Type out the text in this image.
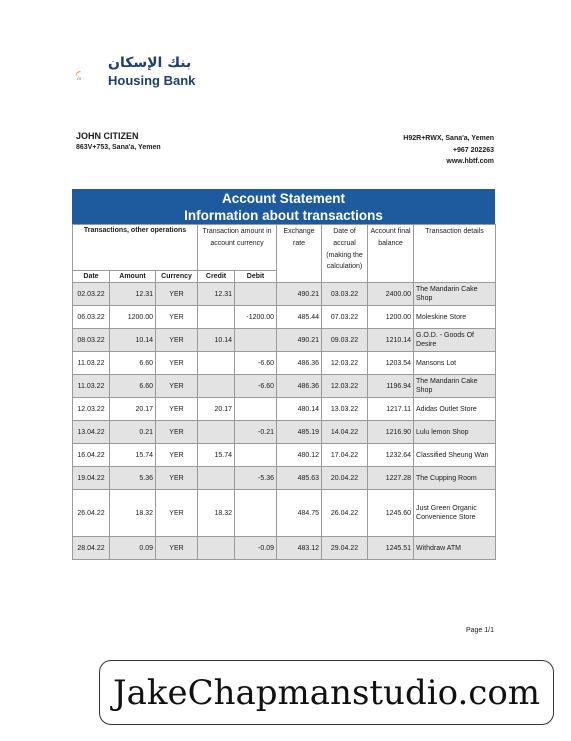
بنك الإسكان
Housing Bank
JOHN CITIZEN
863V+753, Sana'a, Yemen
H92R+RWX, Sana'a, Yemen
+967 202263
www.hbtf.com
Account Statement
Information about transactions
Transactions, other operations			Transaction amount in account currency		Exchange rate	Date of accrual (making the calculation)	Account final balance	Transaction details
Date	Amount	Currency	Credit	Debit				
02.03.22	12.31	YER	12.31		490.21	03.03.22	2400.00	The Mandarin Cake Shop
06.03.22	1200.00	YER		-1200.00	485.44	07.03.22	1200.00	Moleskine Store
08.03.22	10.14	YER	10.14		490.21	09.03.22	1210.14	G.O.D. - Goods Of Desire
11.03.22	6.60	YER		-6.60	486.36	12.03.22	1203.54	Mansons Lot
11.03.22	6.60	YER		-6.60	486.36	12.03.22	1196.94	The Mandarin Cake Shop
12.03.22	20.17	YER	20.17		480.14	13.03.22	1217.11	Adidas Outlet Store
13.04.22	0.21	YER		-0.21	485.19	14.04.22	1216.90	Lulu lemon Shop
16.04.22	15.74	YER	15.74		480.12	17.04.22	1232.64	Classified Sheung Wan
19.04.22	5.36	YER		-5.36	485.63	20.04.22	1227.28	The Cupping Room
26.04.22	18.32	YER	18.32		484.75	26.04.22	1245.60	Just Green Organic Convenience Store
28.04.22	0.09	YER		-0.09	483.12	29.04.22	1245.51	Withdraw ATM
Page 1/1
JakeChapmanstudio.com
